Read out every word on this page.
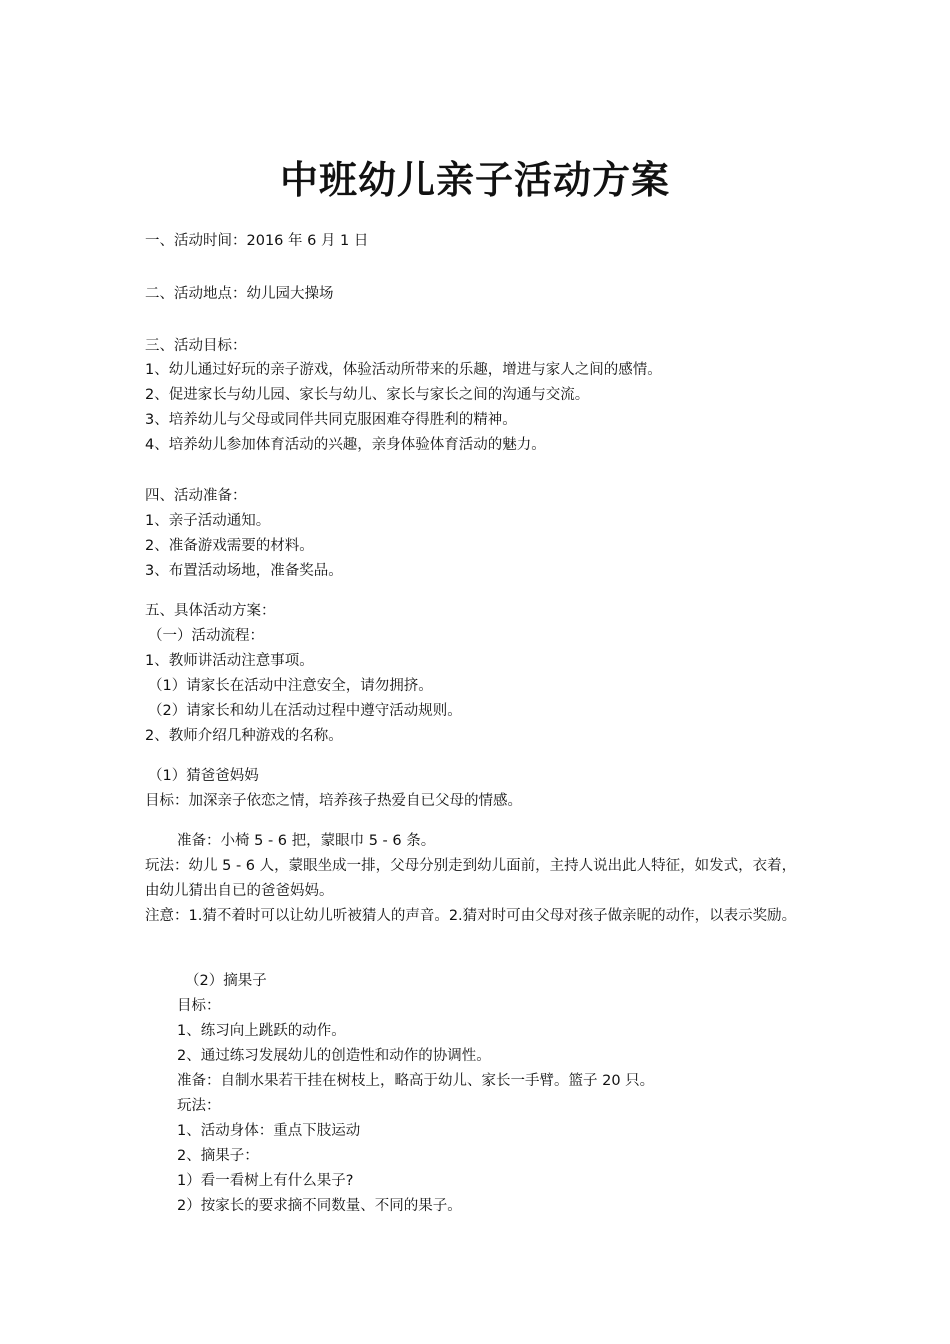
中班幼儿亲子活动方案
一、活动时间：2016 年 6 月 1 日
二、活动地点：幼儿园大操场
三、活动目标：
1、幼儿通过好玩的亲子游戏，体验活动所带来的乐趣，增进与家人之间的感情。
2、促进家长与幼儿园、家长与幼儿、家长与家长之间的沟通与交流。
3、培养幼儿与父母或同伴共同克服困难夺得胜利的精神。
4、培养幼儿参加体育活动的兴趣，亲身体验体育活动的魅力。
四、活动准备：
1、亲子活动通知。
2、准备游戏需要的材料。
3、布置活动场地，准备奖品。
五、具体活动方案：
（一）活动流程：
1、教师讲活动注意事项。
（1）请家长在活动中注意安全，请勿拥挤。
（2）请家长和幼儿在活动过程中遵守活动规则。
2、教师介绍几种游戏的名称。
（1）猜爸爸妈妈
目标：加深亲子依恋之情，培养孩子热爱自已父母的情感。
准备：小椅 5 - 6 把，蒙眼巾 5 - 6 条。
玩法：幼儿 5 - 6 人，蒙眼坐成一排，父母分别走到幼儿面前，主持人说出此人特征，如发式，衣着，由幼儿猜出自已的爸爸妈妈。
注意：1.猜不着时可以让幼儿听被猜人的声音。2.猜对时可由父母对孩子做亲昵的动作，以表示奖励。
（2）摘果子
目标：
1、练习向上跳跃的动作。
2、通过练习发展幼儿的创造性和动作的协调性。
准备：自制水果若干挂在树枝上，略高于幼儿、家长一手臂。篮子 20 只。
玩法：
1、活动身体：重点下肢运动
2、摘果子：
1）看一看树上有什么果子?
2）按家长的要求摘不同数量、不同的果子。
